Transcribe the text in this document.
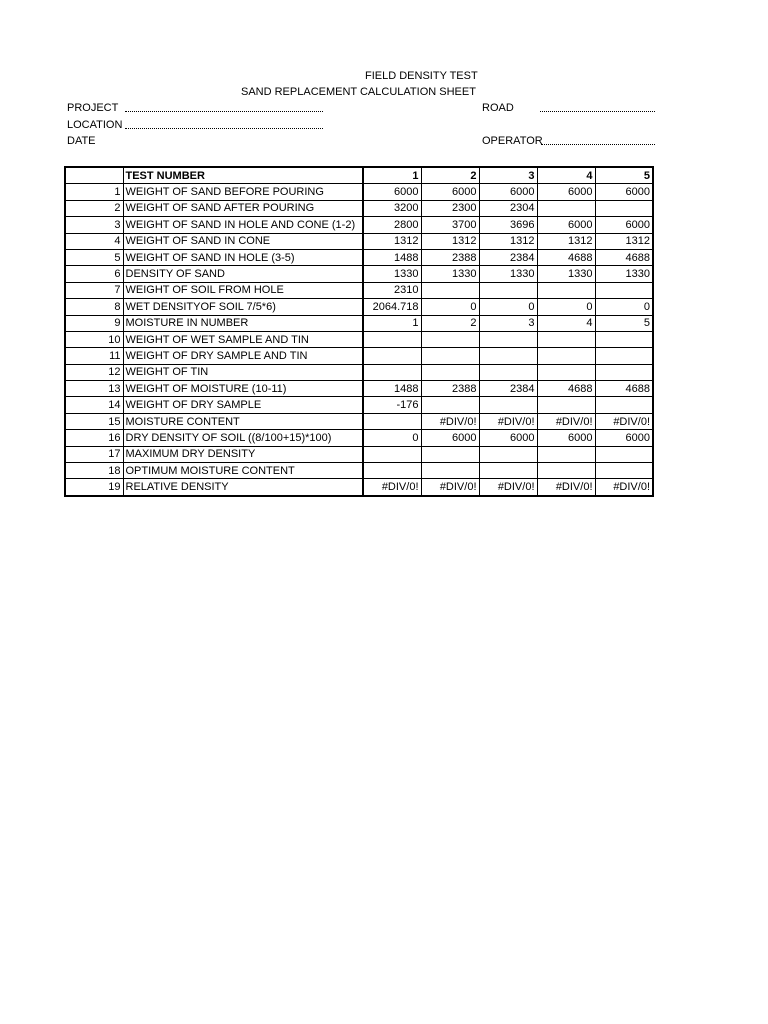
FIELD DENSITY TEST
SAND REPLACEMENT CALCULATION SHEET
PROJECT
LOCATION
DATE
ROAD
OPERATOR
	TEST NUMBER	1	2	3	4	5
1	WEIGHT OF SAND BEFORE POURING	6000	6000	6000	6000	6000
2	WEIGHT OF SAND AFTER POURING	3200	2300	2304		
3	WEIGHT OF SAND IN HOLE AND CONE (1-2)	2800	3700	3696	6000	6000
4	WEIGHT OF SAND IN CONE	1312	1312	1312	1312	1312
5	WEIGHT OF SAND IN HOLE (3-5)	1488	2388	2384	4688	4688
6	DENSITY OF SAND	1330	1330	1330	1330	1330
7	WEIGHT OF SOIL FROM HOLE	2310				
8	WET DENSITYOF SOIL 7/5*6)	2064.718	0	0	0	0
9	MOISTURE IN NUMBER	1	2	3	4	5
10	WEIGHT OF WET SAMPLE AND TIN					
11	WEIGHT OF DRY SAMPLE AND TIN					
12	WEIGHT OF TIN					
13	WEIGHT OF MOISTURE (10-11)	1488	2388	2384	4688	4688
14	WEIGHT OF DRY SAMPLE	-176				
15	MOISTURE CONTENT		#DIV/0!	#DIV/0!	#DIV/0!	#DIV/0!
16	DRY DENSITY OF SOIL ((8/100+15)*100)	0	6000	6000	6000	6000
17	MAXIMUM DRY DENSITY					
18	OPTIMUM MOISTURE CONTENT					
19	RELATIVE DENSITY	#DIV/0!	#DIV/0!	#DIV/0!	#DIV/0!	#DIV/0!
